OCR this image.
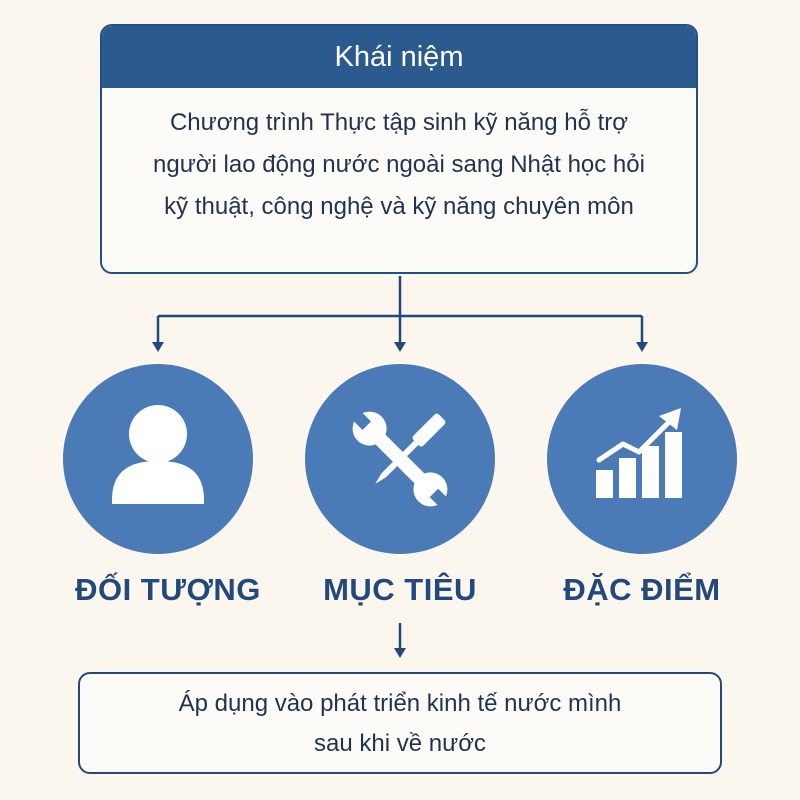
Khái niệm
Chương trình Thực tập sinh kỹ năng hỗ trợ
người lao động nước ngoài sang Nhật học hỏi
kỹ thuật, công nghệ và kỹ năng chuyên môn
ĐỐI TƯỢNG	MỤC TIÊU	ĐẶC ĐIỂM
Áp dụng vào phát triển kinh tế nước mình
sau khi về nước
